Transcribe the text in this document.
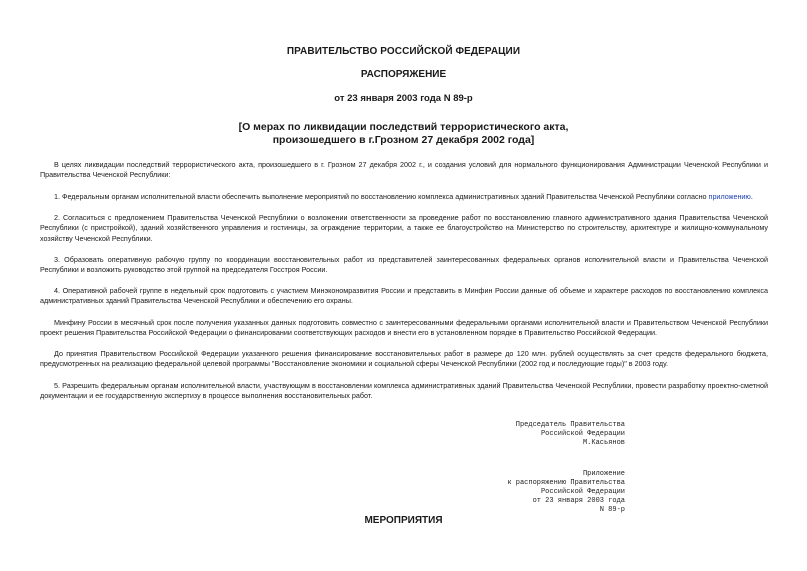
ПРАВИТЕЛЬСТВО РОССИЙСКОЙ ФЕДЕРАЦИИ
РАСПОРЯЖЕНИЕ
от 23 января 2003 года N 89-р
[О мерах по ликвидации последствий террористического акта,
произошедшего в г.Грозном 27 декабря 2002 года]
В целях ликвидации последствий террористического акта, произошедшего в г. Грозном 27 декабря 2002 г., и создания условий для нормального функционирования Администрации Чеченской Республики и Правительства Чеченской Республики:
1. Федеральным органам исполнительной власти обеспечить выполнение мероприятий по восстановлению комплекса административных зданий Правительства Чеченской Республики согласно приложению.
2. Согласиться с предложением Правительства Чеченской Республики о возложении ответственности за проведение работ по восстановлению главного административного здания Правительства Чеченской Республики (с пристройкой), зданий хозяйственного управления и гостиницы, за ограждение территории, а также ее благоустройство на Министерство по строительству, архитектуре и жилищно-коммунальному хозяйству Чеченской Республики.
3. Образовать оперативную рабочую группу по координации восстановительных работ из представителей заинтересованных федеральных органов исполнительной власти и Правительства Чеченской Республики и возложить руководство этой группой на председателя Госстроя России.
4. Оперативной рабочей группе в недельный срок подготовить с участием Минэкономразвития России и представить в Минфин России данные об объеме и характере расходов по восстановлению комплекса административных зданий Правительства Чеченской Республики и обеспечению его охраны.
Минфину России в месячный срок после получения указанных данных подготовить совместно с заинтересованными федеральными органами исполнительной власти и Правительством Чеченской Республики проект решения Правительства Российской Федерации о финансировании соответствующих расходов и внести его в установленном порядке в Правительство Российской Федерации.
До принятия Правительством Российской Федерации указанного решения финансирование восстановительных работ в размере до 120 млн. рублей осуществлять за счет средств федерального бюджета, предусмотренных на реализацию федеральной целевой программы "Восстановление экономики и социальной сферы Чеченской Республики (2002 год и последующие годы)" в 2003 году.
5. Разрешить федеральным органам исполнительной власти, участвующим в восстановлении комплекса административных зданий Правительства Чеченской Республики, провести разработку проектно-сметной документации и ее государственную экспертизу в процессе выполнения восстановительных работ.
Председатель Правительства
Российской Федерации
М.Касьянов
Приложение
к распоряжению Правительства
Российской Федерации
от 23 января 2003 года
N 89-р
МЕРОПРИЯТИЯ
